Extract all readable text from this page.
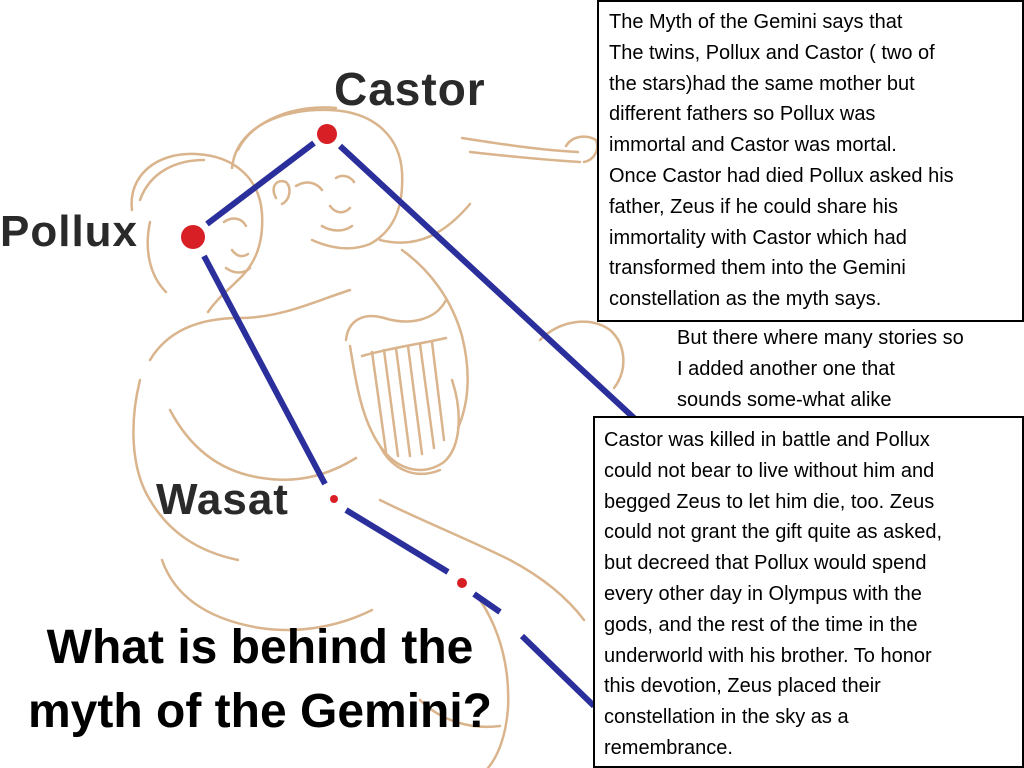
Castor
Pollux
Wasat
The Myth of the Gemini says that
The twins, Pollux and Castor ( two of
the stars)had the same mother but
different fathers so Pollux was
immortal and Castor was mortal.
Once Castor had died Pollux asked his
father, Zeus if he could share his
immortality with Castor which had
transformed them into the Gemini
constellation as the myth says.
But there where many stories so
I added another one that
sounds some-what alike
Castor was killed in battle and Pollux
could not bear to live without him and
begged Zeus to let him die, too. Zeus
could not grant the gift quite as asked,
but decreed that Pollux would spend
every other day in Olympus with the
gods, and the rest of the time in the
underworld with his brother. To honor
this devotion, Zeus placed their
constellation in the sky as a
remembrance.
What is behind the
myth of the Gemini?
